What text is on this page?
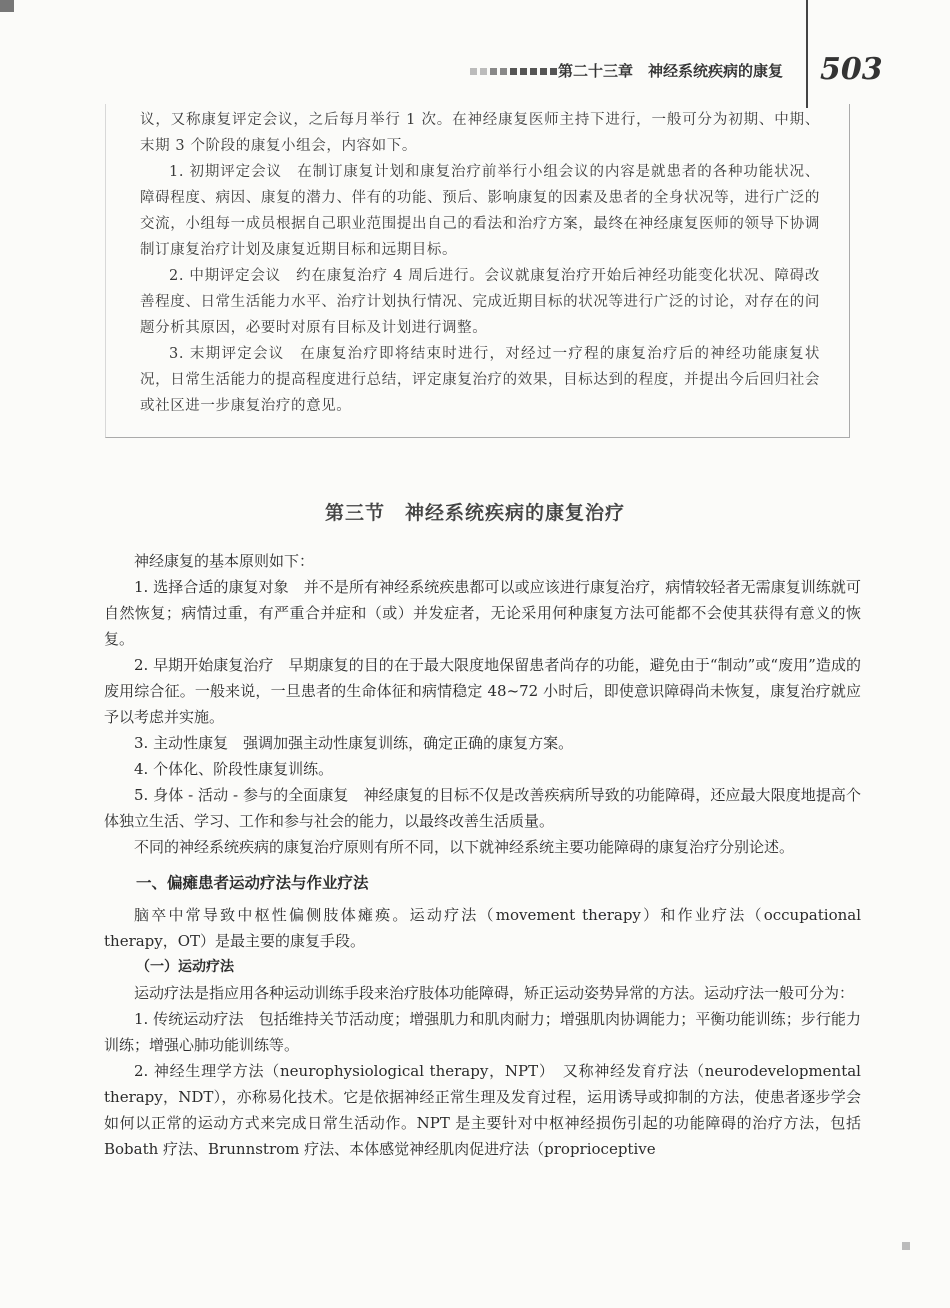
第二十三章　神经系统疾病的康复 503

议，又称康复评定会议，之后每月举行 1 次。在神经康复医师主持下进行，一般可分为初期、中期、末期 3 个阶段的康复小组会，内容如下。

1. 初期评定会议　在制订康复计划和康复治疗前举行小组会议的内容是就患者的各种功能状况、障碍程度、病因、康复的潜力、伴有的功能、预后、影响康复的因素及患者的全身状况等，进行广泛的交流，小组每一成员根据自己职业范围提出自己的看法和治疗方案，最终在神经康复医师的领导下协调制订康复治疗计划及康复近期目标和远期目标。

2. 中期评定会议　约在康复治疗 4 周后进行。会议就康复治疗开始后神经功能变化状况、障碍改善程度、日常生活能力水平、治疗计划执行情况、完成近期目标的状况等进行广泛的讨论，对存在的问题分析其原因，必要时对原有目标及计划进行调整。

3. 末期评定会议　在康复治疗即将结束时进行，对经过一疗程的康复治疗后的神经功能康复状况，日常生活能力的提高程度进行总结，评定康复治疗的效果，目标达到的程度，并提出今后回归社会或社区进一步康复治疗的意见。

第三节　神经系统疾病的康复治疗

神经康复的基本原则如下：

1. 选择合适的康复对象　并不是所有神经系统疾患都可以或应该进行康复治疗，病情较轻者无需康复训练就可自然恢复；病情过重，有严重合并症和（或）并发症者，无论采用何种康复方法可能都不会使其获得有意义的恢复。

2. 早期开始康复治疗　早期康复的目的在于最大限度地保留患者尚存的功能，避免由于“制动”或“废用”造成的废用综合征。一般来说，一旦患者的生命体征和病情稳定 48~72 小时后，即使意识障碍尚未恢复，康复治疗就应予以考虑并实施。

3. 主动性康复　强调加强主动性康复训练，确定正确的康复方案。

4. 个体化、阶段性康复训练。

5. 身体 - 活动 - 参与的全面康复　神经康复的目标不仅是改善疾病所导致的功能障碍，还应最大限度地提高个体独立生活、学习、工作和参与社会的能力，以最终改善生活质量。

不同的神经系统疾病的康复治疗原则有所不同，以下就神经系统主要功能障碍的康复治疗分别论述。

一、偏瘫患者运动疗法与作业疗法

脑卒中常导致中枢性偏侧肢体瘫痪。运动疗法（movement therapy）和作业疗法（occupational therapy，OT）是最主要的康复手段。

（一）运动疗法

运动疗法是指应用各种运动训练手段来治疗肢体功能障碍，矫正运动姿势异常的方法。运动疗法一般可分为：

1. 传统运动疗法　包括维持关节活动度；增强肌力和肌肉耐力；增强肌肉协调能力；平衡功能训练；步行能力训练；增强心肺功能训练等。

2. 神经生理学方法（neurophysiological therapy，NPT）　又称神经发育疗法（neurodevelopmental therapy，NDT），亦称易化技术。它是依据神经正常生理及发育过程，运用诱导或抑制的方法，使患者逐步学会如何以正常的运动方式来完成日常生活动作。NPT 是主要针对中枢神经损伤引起的功能障碍的治疗方法，包括 Bobath 疗法、Brunnstrom 疗法、本体感觉神经肌肉促进疗法（proprioceptive
